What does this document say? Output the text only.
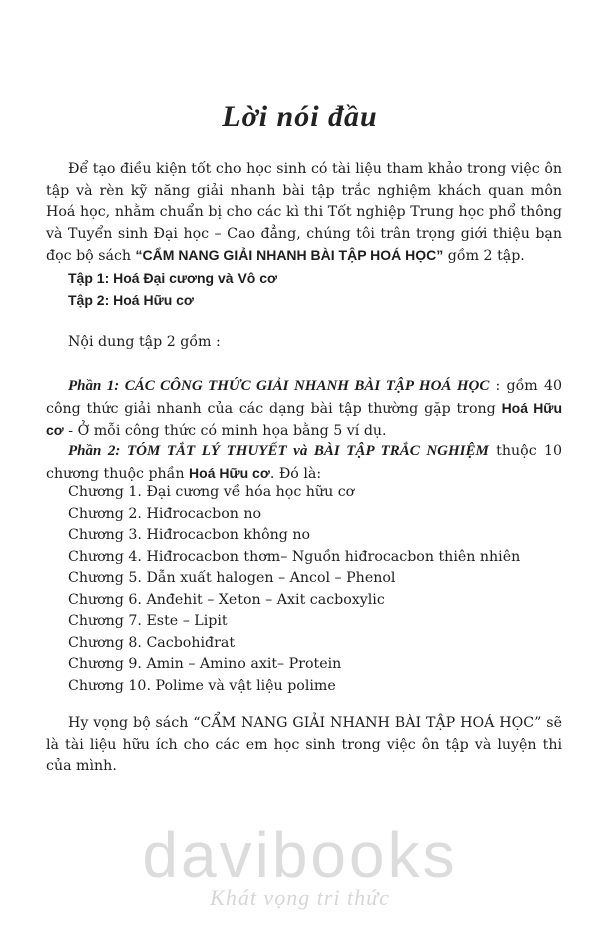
Lời nói đầu
Để tạo điều kiện tốt cho học sinh có tài liệu tham khảo trong việc ôn tập và rèn kỹ năng giải nhanh bài tập trắc nghiệm khách quan môn Hoá học, nhằm chuẩn bị cho các kì thi Tốt nghiệp Trung học phổ thông và Tuyển sinh Đại học – Cao đẳng, chúng tôi trân trọng giới thiệu bạn đọc bộ sách “CẨM NANG GIẢI NHANH BÀI TẬP HOÁ HỌC” gồm 2 tập.
Tập 1: Hoá Đại cương và Vô cơ
Tập 2: Hoá Hữu cơ
Nội dung tập 2 gồm :
Phần 1: CÁC CÔNG THỨC GIẢI NHANH BÀI TẬP HOÁ HỌC : gồm 40 công thức giải nhanh của các dạng bài tập thường gặp trong Hoá Hữu cơ - Ở mỗi công thức có minh họa bằng 5 ví dụ.
Phần 2: TÓM TẮT LÝ THUYẾT và BÀI TẬP TRẮC NGHIỆM thuộc 10 chương thuộc phần Hoá Hữu cơ. Đó là:
Chương 1. Đại cương về hóa học hữu cơ
Chương 2. Hiđrocacbon no
Chương 3. Hiđrocacbon không no
Chương 4. Hiđrocacbon thơm– Nguồn hiđrocacbon thiên nhiên
Chương 5. Dẫn xuất halogen – Ancol – Phenol
Chương 6. Anđehit – Xeton – Axit cacboxylic
Chương 7. Este – Lipit
Chương 8. Cacbohiđrat
Chương 9. Amin – Amino axit– Protein
Chương 10. Polime và vật liệu polime
Hy vọng bộ sách “CẨM NANG GIẢI NHANH BÀI TẬP HOÁ HỌC” sẽ là tài liệu hữu ích cho các em học sinh trong việc ôn tập và luyện thi của mình.
davibooks
Khát vọng tri thức
